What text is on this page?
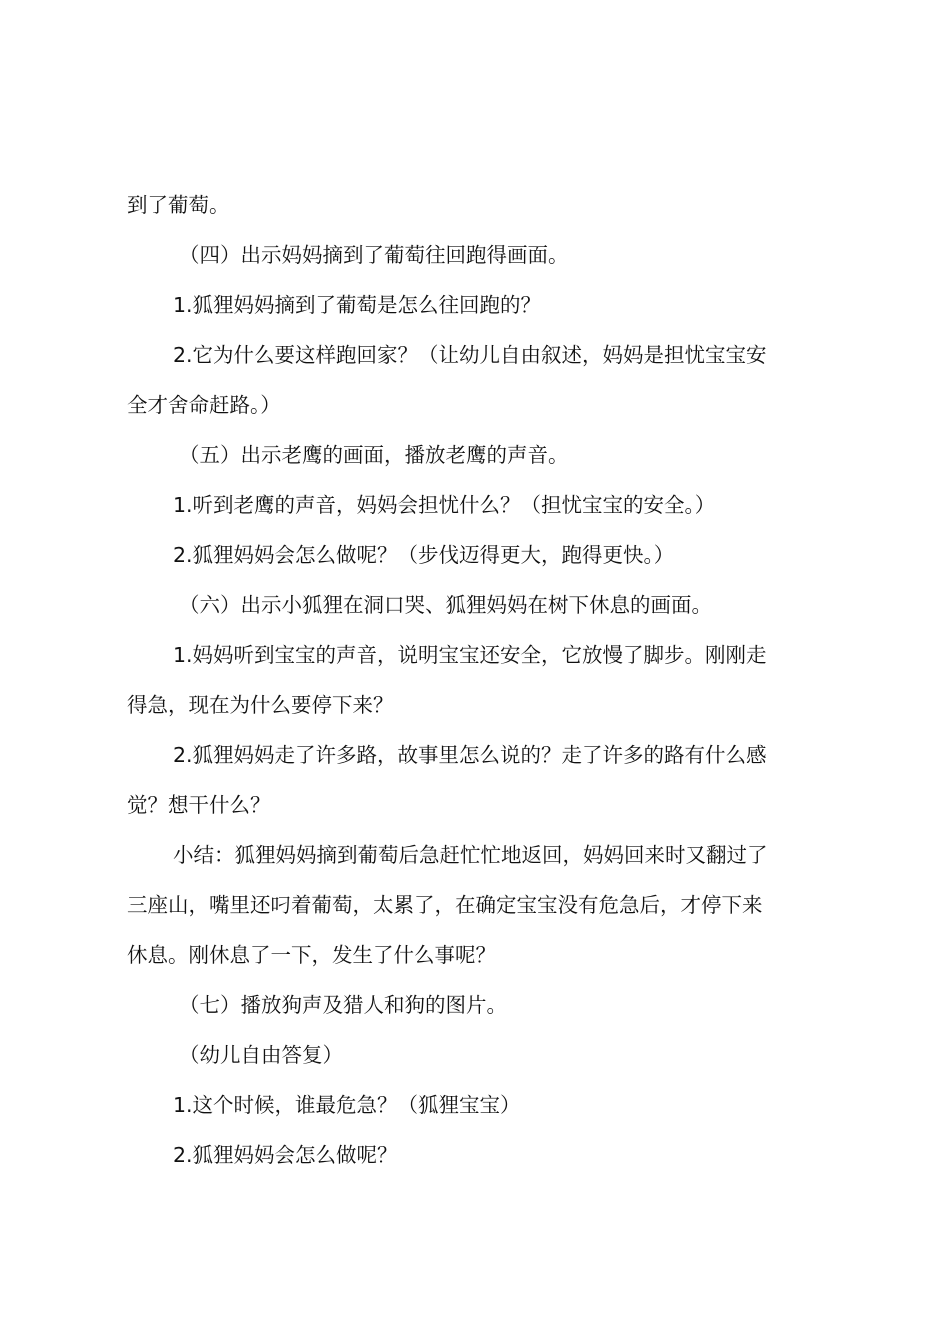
到了葡萄。
（四）出示妈妈摘到了葡萄往回跑得画面。
1.狐狸妈妈摘到了葡萄是怎么往回跑的？
2.它为什么要这样跑回家？（让幼儿自由叙述，妈妈是担忧宝宝安
全才舍命赶路。）
（五）出示老鹰的画面，播放老鹰的声音。
1.听到老鹰的声音，妈妈会担忧什么？（担忧宝宝的安全。）
2.狐狸妈妈会怎么做呢？（步伐迈得更大，跑得更快。）
（六）出示小狐狸在洞口哭、狐狸妈妈在树下休息的画面。
1.妈妈听到宝宝的声音，说明宝宝还安全，它放慢了脚步。刚刚走
得急，现在为什么要停下来？
2.狐狸妈妈走了许多路，故事里怎么说的？走了许多的路有什么感
觉？想干什么？
小结：狐狸妈妈摘到葡萄后急赶忙忙地返回，妈妈回来时又翻过了
三座山，嘴里还叼着葡萄，太累了，在确定宝宝没有危急后，才停下来
休息。刚休息了一下，发生了什么事呢？
（七）播放狗声及猎人和狗的图片。
（幼儿自由答复）
1.这个时候，谁最危急？（狐狸宝宝）
2.狐狸妈妈会怎么做呢？
